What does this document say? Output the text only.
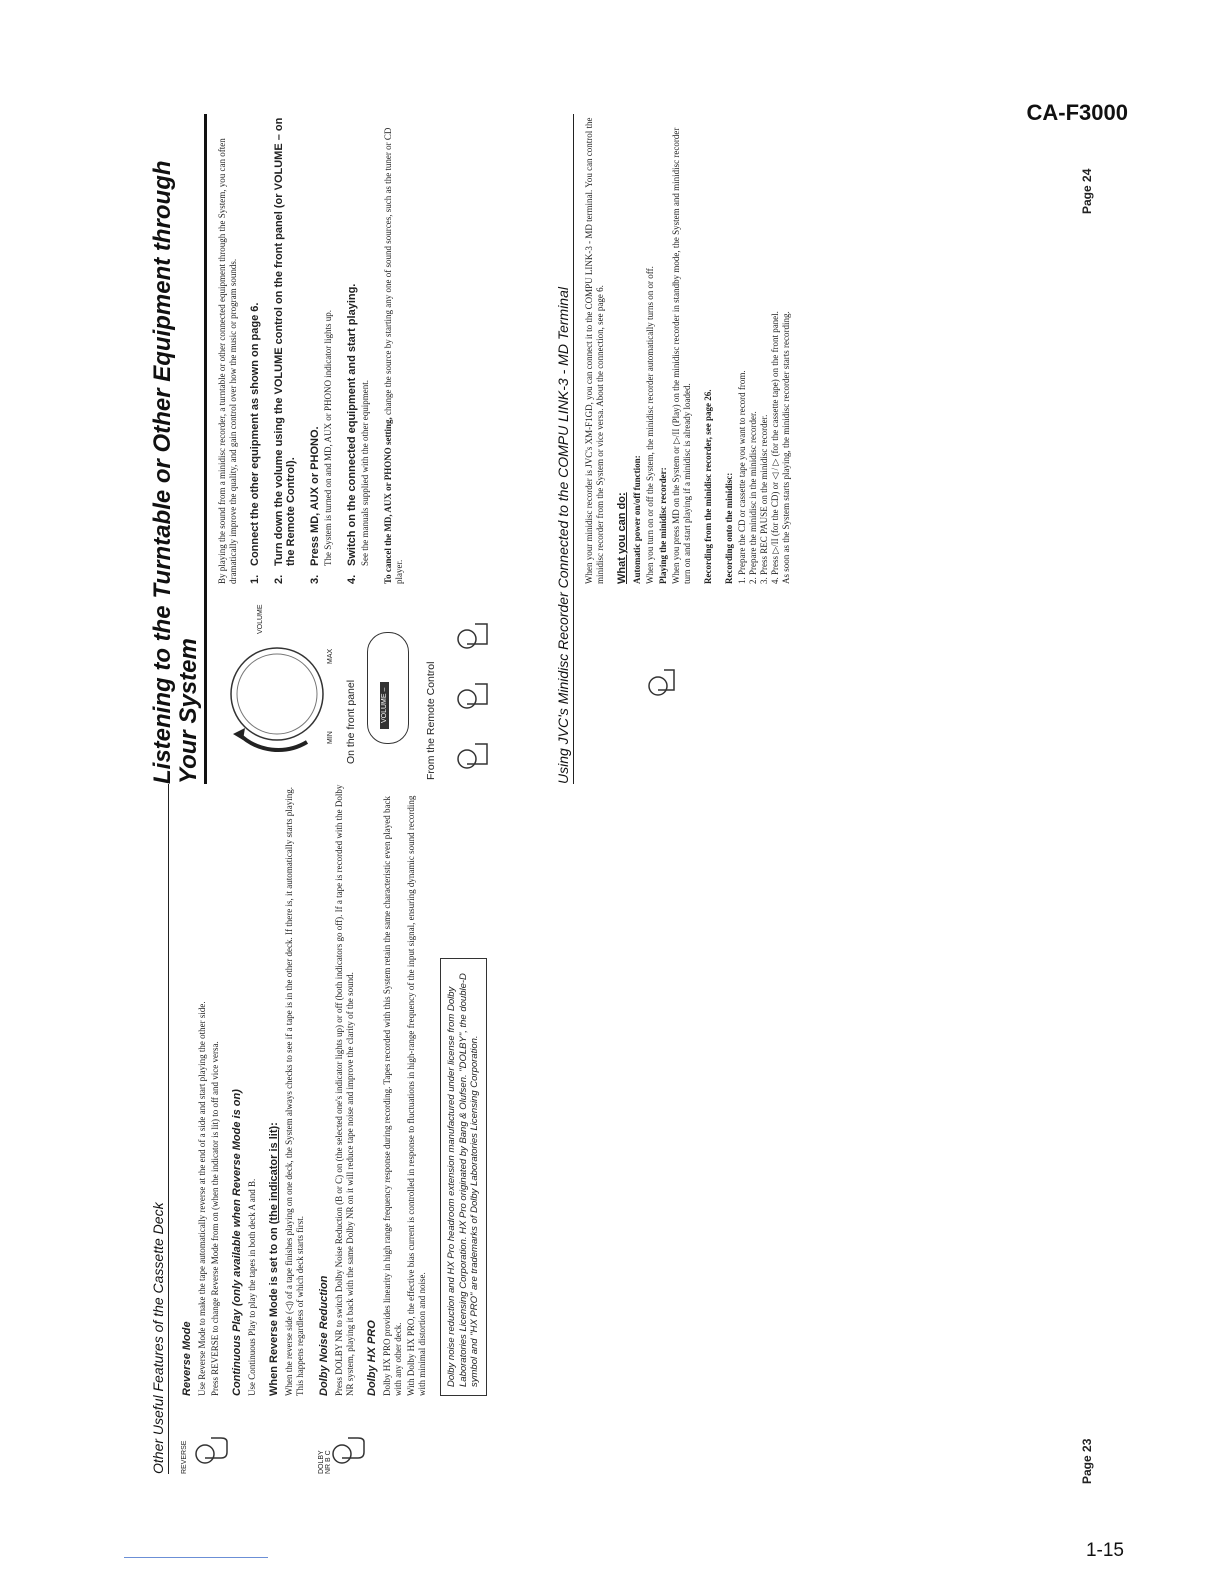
CA-F3000
1-15
Page 23
Page 24
Other Useful Features of the Cassette Deck	REVERSE
Reverse Mode Use Reverse Mode to make the tape automatically reverse at the end of a side and start playing the other side. Press REVERSE to change Reverse Mode from on (when the indicator is lit) to off and vice versa. Continuous Play (only available when Reverse Mode is on) Use Continuous Play to play the tapes in both deck A and B. When Reverse Mode is set to on (the indicator is lit): When the reverse side (◁) of a tape finishes playing on one deck, the System always checks to see if a tape is in the other deck. If there is, it automatically starts playing. This happens regardless of which deck starts first.

DOLBY NR B C
Dolby Noise Reduction Press DOLBY NR to switch Dolby Noise Reduction (B or C) on (the selected one's indicator lights up) or off (both indicators go off). If a tape is recorded with the Dolby NR system, playing it back with the same Dolby NR on it will reduce tape noise and improve the clarity of the sound. Dolby HX PRO Dolby HX PRO provides linearity in high range frequency response during recording. Tapes recorded with this System retain the same characteristic even played back with any other deck. With Dolby HX PRO, the effective bias current is controlled in response to fluctuations in high-range frequency of the input signal, ensuring dynamic sound recording with minimal distortion and noise.	Dolby noise reduction and HX Pro headroom extension manufactured under license from Dolby Laboratories Licensing Corporation. HX Pro originated by Bang & Olufsen. "DOLBY", the double-D symbol and "HX PRO" are trademarks of Dolby Laboratories Licensing Corporation.
Listening to the Turntable or Other Equipment through Your System
VOLUME
MIN
MAX
On the front panel	VOLUME –	From the Remote Control

By playing the sound from a minidisc recorder, a turntable or other connected equipment through the System, you can often dramatically improve the quality, and gain control over how the music or program sounds. 1.
Connect the other equipment as shown on page 6.
2.
Turn down the volume using the VOLUME control on the front panel (or VOLUME – on the Remote Control).
3.
Press MD, AUX or PHONO. The System is turned on and MD, AUX or PHONO indicator lights up.

4.
Switch on the connected equipment and start playing. See the manuals supplied with the other equipment. To cancel the MD, AUX or PHONO setting, change the source by starting any one of sound sources, such as the tuner or CD player.	Using JVC's Minidisc Recorder Connected to the COMPU LINK-3 - MD Terminal	When your minidisc recorder is JVC's XM-F1GD, you can connect it to the COMPU LINK-3 - MD terminal. You can control the minidisc recorder from the System or vice versa. About the connection, see page 6. What you can do: Automatic power on/off function: When you turn on or off the System, the minidisc recorder automatically turns on or off. Playing the minidisc recorder: When you press MD on the System or ▷/II (Play) on the minidisc recorder in standby mode, the System and minidisc recorder turn on and start playing if a minidisc is already loaded. Recording from the minidisc recorder, see page 26. Recording onto the minidisc: 1. Prepare the CD or cassette tape you want to record from. 2. Prepare the minidisc in the minidisc recorder. 3. Press REC PAUSE on the minidisc recorder. 4. Press ▷/II (for the CD) or ◁ / ▷ (for the cassette tape) on the front panel. As soon as the System starts playing, the minidisc recorder starts recording.
